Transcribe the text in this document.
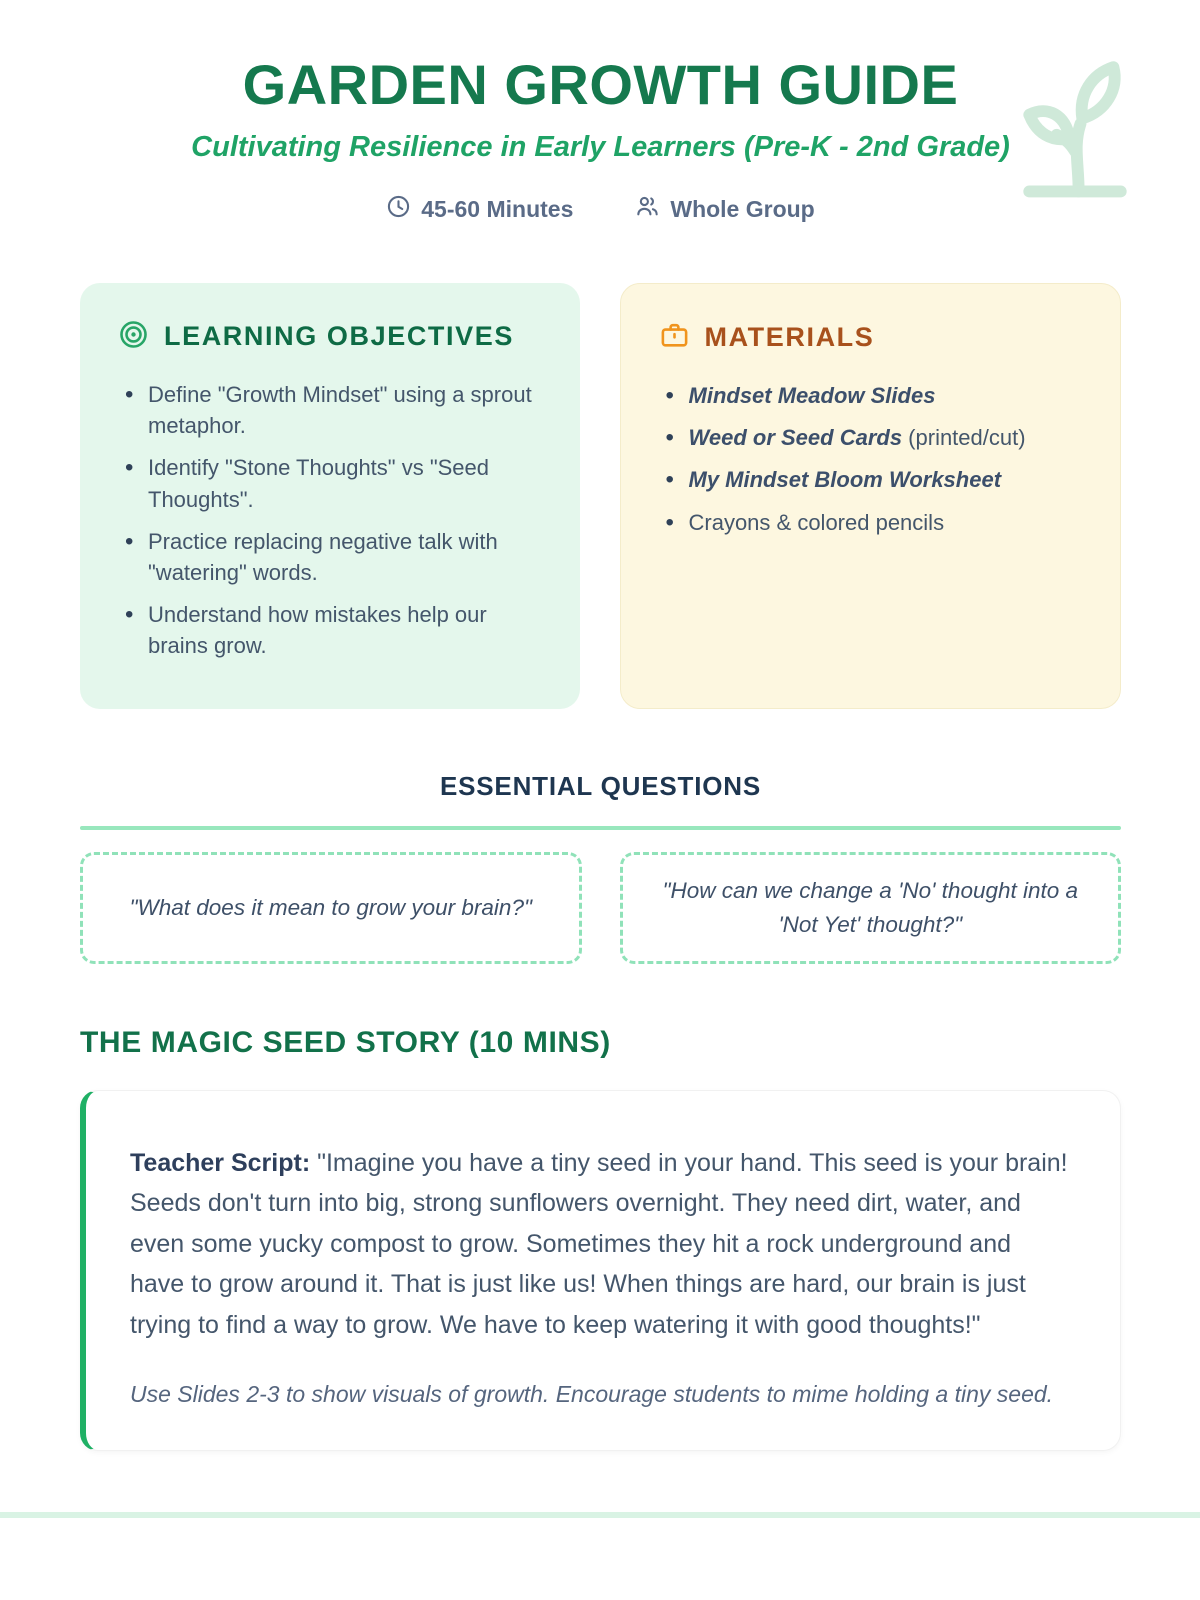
GARDEN GROWTH GUIDE
Cultivating Resilience in Early Learners (Pre-K - 2nd Grade)
45-60 Minutes	Whole Group
LEARNING OBJECTIVES
• Define "Growth Mindset" using a sprout metaphor.
• Identify "Stone Thoughts" vs "Seed Thoughts".
• Practice replacing negative talk with "watering" words.
• Understand how mistakes help our brains grow.
MATERIALS
• Mindset Meadow Slides
• Weed or Seed Cards (printed/cut)
• My Mindset Bloom Worksheet
• Crayons & colored pencils
ESSENTIAL QUESTIONS
"What does it mean to grow your brain?"
"How can we change a 'No' thought into a 'Not Yet' thought?"
THE MAGIC SEED STORY (10 MINS)

Teacher Script: "Imagine you have a tiny seed in your hand. This seed is your brain! Seeds don't turn into big, strong sunflowers overnight. They need dirt, water, and even some yucky compost to grow. Sometimes they hit a rock underground and have to grow around it. That is just like us! When things are hard, our brain is just trying to find a way to grow. We have to keep watering it with good thoughts!"

Use Slides 2-3 to show visuals of growth. Encourage students to mime holding a tiny seed.
